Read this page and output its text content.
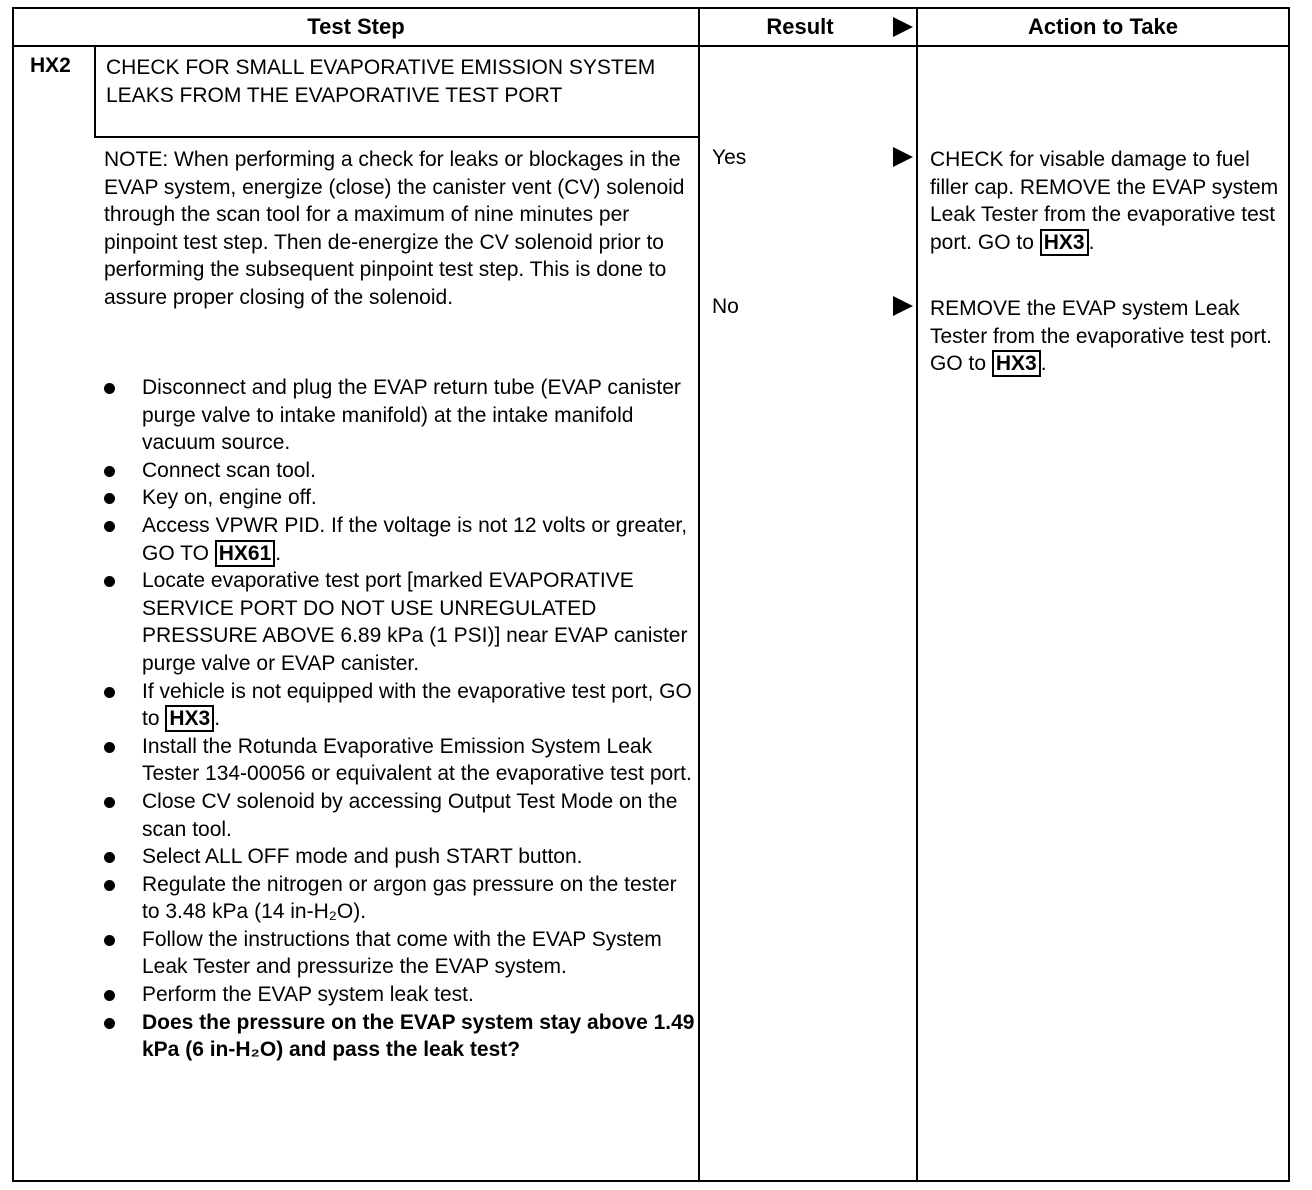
Test Step	Result	Action to Take
HX2 CHECK FOR SMALL EVAPORATIVE EMISSION SYSTEM LEAKS FROM THE EVAPORATIVE TEST PORT
NOTE: When performing a check for leaks or blockages in the EVAP system, energize (close) the canister vent (CV) solenoid through the scan tool for a maximum of nine minutes per pinpoint test step. Then de-energize the CV solenoid prior to performing the subsequent pinpoint test step. This is done to assure proper closing of the solenoid.
Disconnect and plug the EVAP return tube (EVAP canister purge valve to intake manifold) at the intake manifold vacuum source.
Connect scan tool.
Key on, engine off.
Access VPWR PID. If the voltage is not 12 volts or greater, GO TO HX61 .
Locate evaporative test port [marked EVAPORATIVE SERVICE PORT DO NOT USE UNREGULATED PRESSURE ABOVE 6.89 kPa (1 PSI)] near EVAP canister purge valve or EVAP canister.
If vehicle is not equipped with the evaporative test port, GO to HX3 .
Install the Rotunda Evaporative Emission System Leak Tester 134-00056 or equivalent at the evaporative test port.
Close CV solenoid by accessing Output Test Mode on the scan tool.
Select ALL OFF mode and push START button.
Regulate the nitrogen or argon gas pressure on the tester to 3.48 kPa (14 in-H₂O).
Follow the instructions that come with the EVAP System Leak Tester and pressurize the EVAP system.
Perform the EVAP system leak test.
Does the pressure on the EVAP system stay above 1.49 kPa (6 in-H₂O) and pass the leak test?
Yes	CHECK for visable damage to fuel filler cap. REMOVE the EVAP system Leak Tester from the evaporative test port. GO to HX3 .
No	REMOVE the EVAP system Leak Tester from the evaporative test port. GO to HX3 .
